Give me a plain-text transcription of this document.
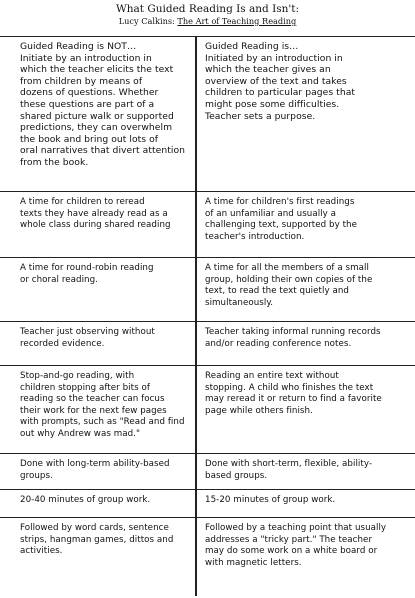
What Guided Reading Is and Isn't:
Lucy Calkins: The Art of Teaching Reading
Guided Reading is NOT…
Initiate by an introduction in
which the teacher elicits the text
from children by means of
dozens of questions. Whether
these questions are part of a
shared picture walk or supported
predictions, they can overwhelm
the book and bring out lots of
oral narratives that divert attention
from the book.
Guided Reading is…
Initiated by an introduction in
which the teacher gives an
overview of the text and takes
children to particular pages that
might pose some difficulties.
Teacher sets a purpose.
A time for children to reread
texts they have already read as a
whole class during shared reading
A time for children's first readings
of an unfamiliar and usually a
challenging text, supported by the
teacher's introduction.
A time for round-robin reading
or choral reading.
A time for all the members of a small
group, holding their own copies of the
text, to read the text quietly and
simultaneously.
Teacher just observing without
recorded evidence.
Teacher taking informal running records
and/or reading conference notes.
Stop-and-go reading, with
children stopping after bits of
reading so the teacher can focus
their work for the next few pages
with prompts, such as "Read and find
out why Andrew was mad."
Reading an entire text without
stopping. A child who finishes the text
may reread it or return to find a favorite
page while others finish.
Done with long-term ability-based
groups.
Done with short-term, flexible, ability-
based groups.
20-40 minutes of group work.	15-20 minutes of group work.
Followed by word cards, sentence
strips, hangman games, dittos and
activities.
Followed by a teaching point that usually
addresses a "tricky part." The teacher
may do some work on a white board or
with magnetic letters.
